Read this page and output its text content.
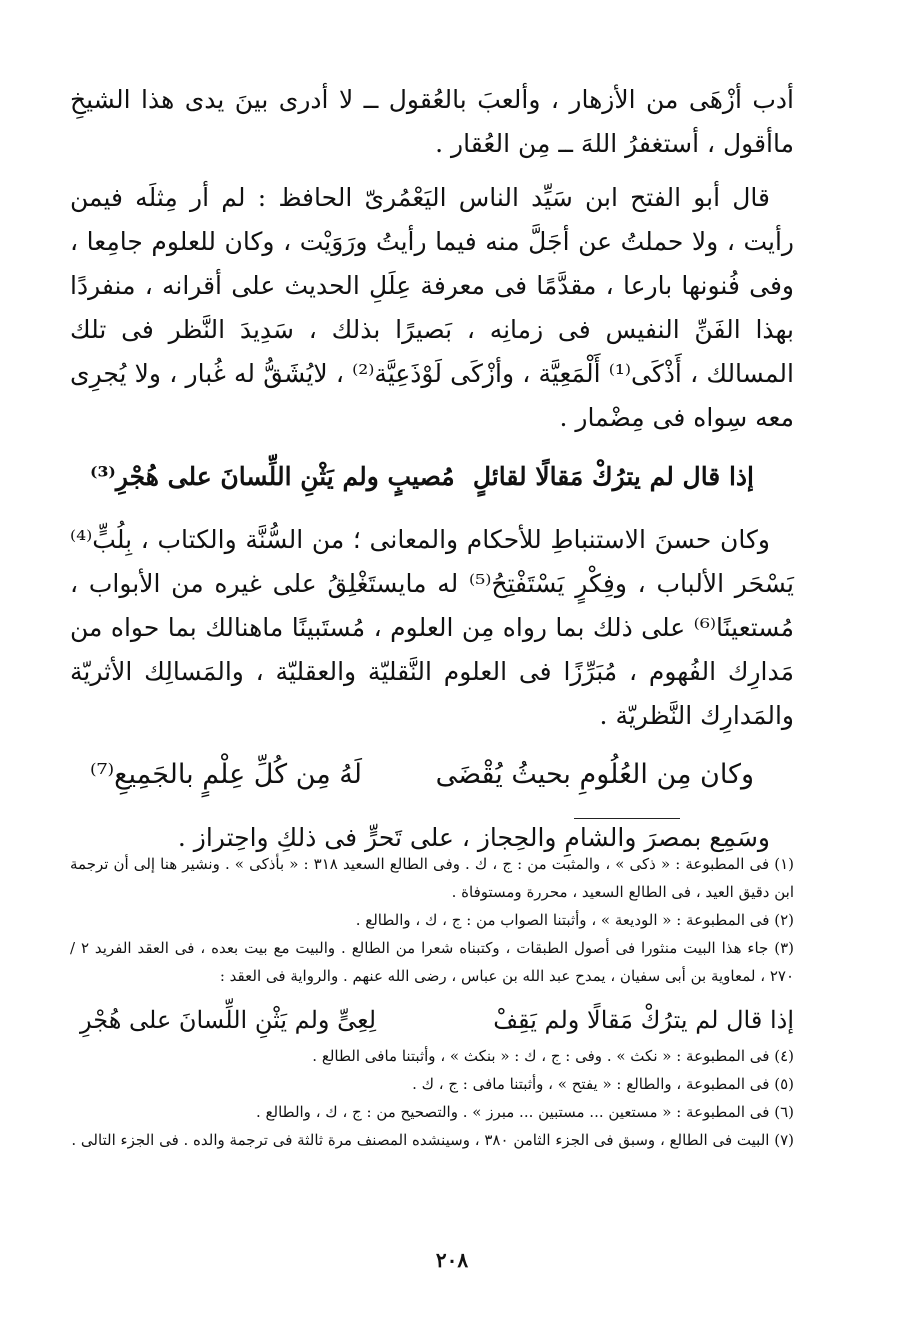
أدب أزْهَى من الأزهار ، وألعبَ بالعُقول ــ لا أدرى بينَ يدى هذا الشيخِ ماأقول ، أستغفرُ اللهَ ــ مِن العُقار .

قال أبو الفتح ابن سَيِّد الناس اليَعْمُرىّ الحافظ : لم أر مِثلَه فيمن رأيت ، ولا حملتُ عن أجَلَّ منه فيما رأيتُ ورَوَيْت ، وكان للعلوم جامِعا ، وفى فُنونها بارعا ، مقدَّمًا فى معرفة عِلَلِ الحديث على أقرانه ، منفردًا بهذا الفَنِّ النفيس فى زمانِه ، بَصيرًا بذلك ، سَدِيدَ النَّظر فى تلك المسالك ، أَذْكَى⁽¹⁾ أَلْمَعِيَّة ، وأزْكَى لَوْذَعِيَّة⁽²⁾ ، لايُشَقُّ له غُبار ، ولا يُجرِى معه سِواه فى مِضْمار .

إذا قال لم يترُكْ مَقالًا لقائلٍ
مُصيبٍ ولم يَثْنِ اللِّسانَ على هُجْرِ⁽³⁾

وكان حسنَ الاستنباطِ للأحكام والمعانى ؛ من السُّنَّة والكتاب ، بِلُبٍّ⁽⁴⁾ يَسْحَر الألباب ، وفِكْرٍ يَسْتَفْتِحُ⁽⁵⁾ له مايستَغْلِقُ على غيره من الأبواب ، مُستعينًا⁽⁶⁾ على ذلك بما رواه مِن العلوم ، مُستَبينًا ماهنالك بما حواه من مَدارِك الفُهوم ، مُبَرِّزًا فى العلوم النَّقليّة والعقليّة ، والمَسالِك الأثريّة والمَدارِك النَّظريّة .

وكان مِن العُلُومِ بحيثُ يُقْضَى
لَهُ مِن كُلِّ عِلْمٍ بالجَمِيعِ⁽⁷⁾

وسَمِع بمصرَ والشامِ والحِجاز ، على تَحرٍّ فى ذلكِ واحِتراز .

(١) فى المطبوعة : « ذكى » ، والمثبت من : ج ، ك . وفى الطالع السعيد ٣١٨ : « بأذكى » . ونشير هنا إلى أن ترجمة ابن دقيق العيد ، فى الطالع السعيد ، محررة ومستوفاة .

(٢) فى المطبوعة : « الوديعة » ، وأثبتنا الصواب من : ج ، ك ، والطالع .

(٣) جاء هذا البيت منثورا فى أصول الطبقات ، وكتبناه شعرا من الطالع . والبيت مع بيت بعده ، فى العقد الفريد ٢ / ٢٧٠ ، لمعاوية بن أبى سفيان ، يمدح عبد الله بن عباس ، رضى الله عنهم . والرواية فى العقد :

إذا قال لم يترُكْ مَقالًا ولم يَقِفْ
لِعِىٍّ ولم يَثْنِ اللِّسانَ على هُجْرِ

(٤) فى المطبوعة : « نكث » . وفى : ج ، ك : « بنكث » ، وأثبتنا مافى الطالع .

(٥) فى المطبوعة ، والطالع : « يفتح » ، وأثبتنا مافى : ج ، ك .

(٦) فى المطبوعة : « مستعين ... مستبين ... مبرز » . والتصحيح من : ج ، ك ، والطالع .

(٧) البيت فى الطالع ، وسبق فى الجزء الثامن ٣٨٠ ، وسينشده المصنف مرة ثالثة فى ترجمة والده . فى الجزء التالى .

٢٠٨
